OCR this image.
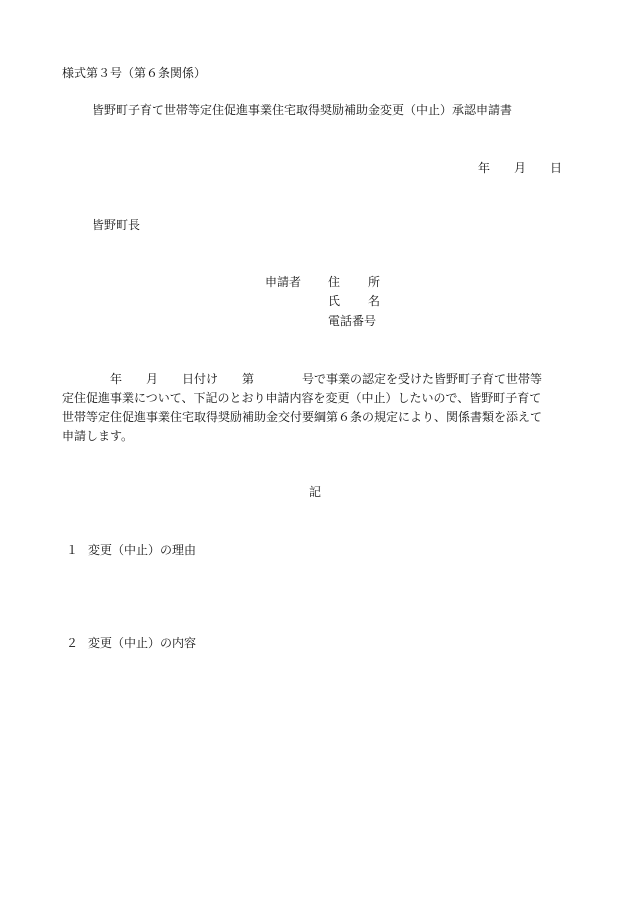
様式第３号（第６条関係）
皆野町子育て世帯等定住促進事業住宅取得奨励補助金変更（中止）承認申請書
年 月 日
皆野町長
申請者 住 所
氏 名
電話番号

　　　　年　　月　　日付け　　第　　　　号で事業の認定を受けた皆野町子育て世帯等

定住促進事業について、下記のとおり申請内容を変更（中止）したいので、皆野町子育て

世帯等定住促進事業住宅取得奨励補助金交付要綱第６条の規定により、関係書類を添えて

申請します。

記
１ 変更（中止）の理由
２ 変更（中止）の内容
